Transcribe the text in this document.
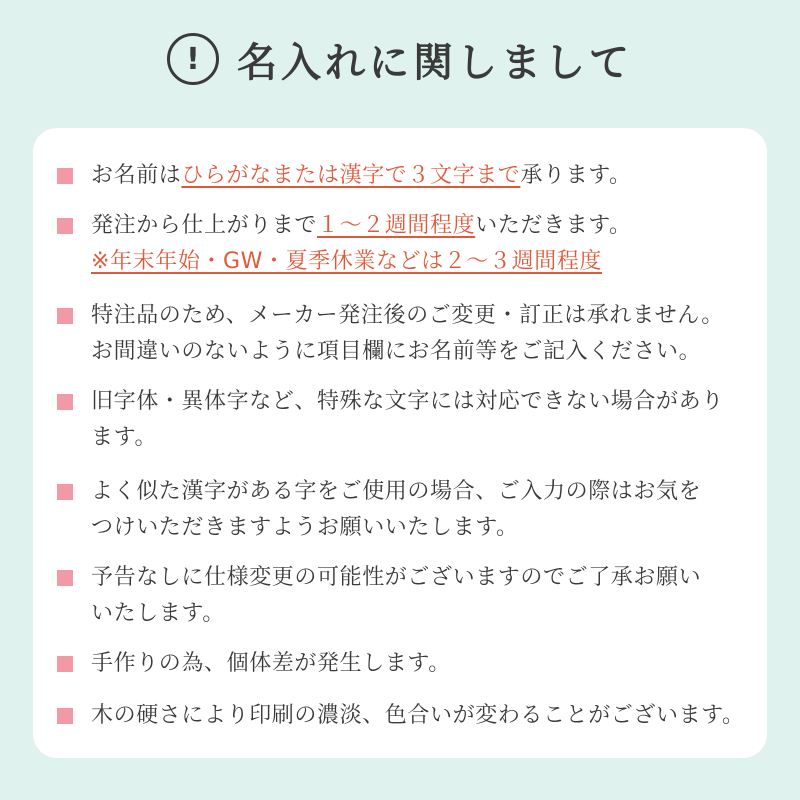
! 名入れに関しまして
お名前はひらがなまたは漢字で３文字まで承ります。
発注から仕上がりまで１〜２週間程度いただきます。
※年末年始・GW・夏季休業などは２〜３週間程度
特注品のため、メーカー発注後のご変更・訂正は承れません。
お間違いのないように項目欄にお名前等をご記入ください。
旧字体・異体字など、特殊な文字には対応できない場合があり
ます。
よく似た漢字がある字をご使用の場合、ご入力の際はお気を
つけいただきますようお願いいたします。
予告なしに仕様変更の可能性がございますのでご了承お願い
いたします。
手作りの為、個体差が発生します。
木の硬さにより印刷の濃淡、色合いが変わることがございます。
